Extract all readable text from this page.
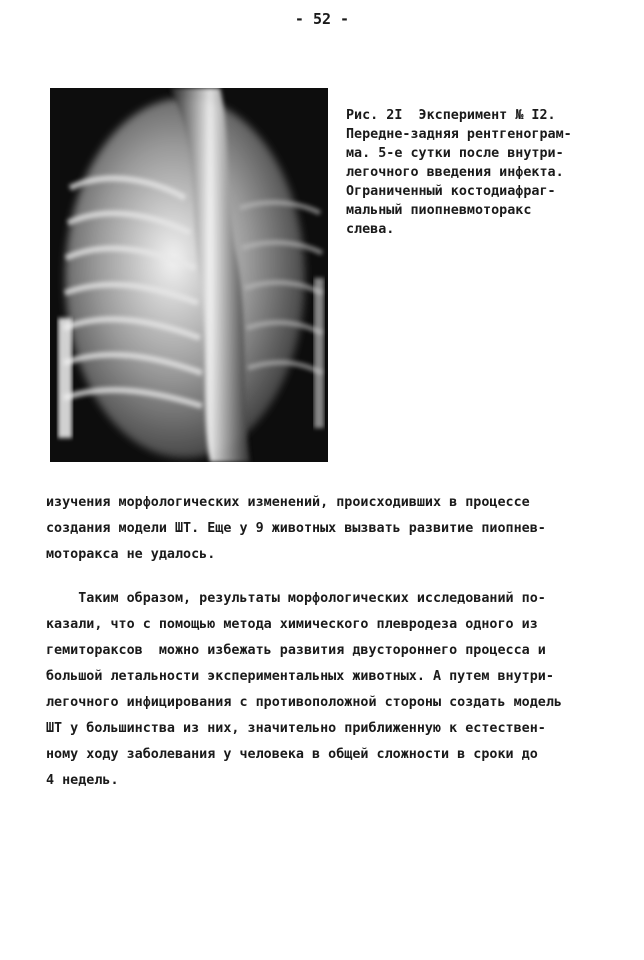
- 52 -
Рис. 2I  Эксперимент № I2.
Передне-задняя рентгенограм-
ма. 5-е сутки после внутри-
легочного введения инфекта.
Ограниченный костодиафраг-
мальный пиопневмоторакс
слева.
изучения морфологических изменений, происходивших в процессе
создания модели ШТ. Еще у 9 животных вызвать развитие пиопнев-
моторакса не удалось.
Таким образом, результаты морфологических исследований по-
казали, что с помощью метода химического плевродеза одного из
гемитораксов  можно избежать развития двустороннего процесса и
большой летальности экспериментальных животных. А путем внутри-
легочного инфицирования с противоположной стороны создать модель
ШТ у большинства из них, значительно приближенную к естествен-
ному ходу заболевания у человека в общей сложности в сроки до
4 недель.
